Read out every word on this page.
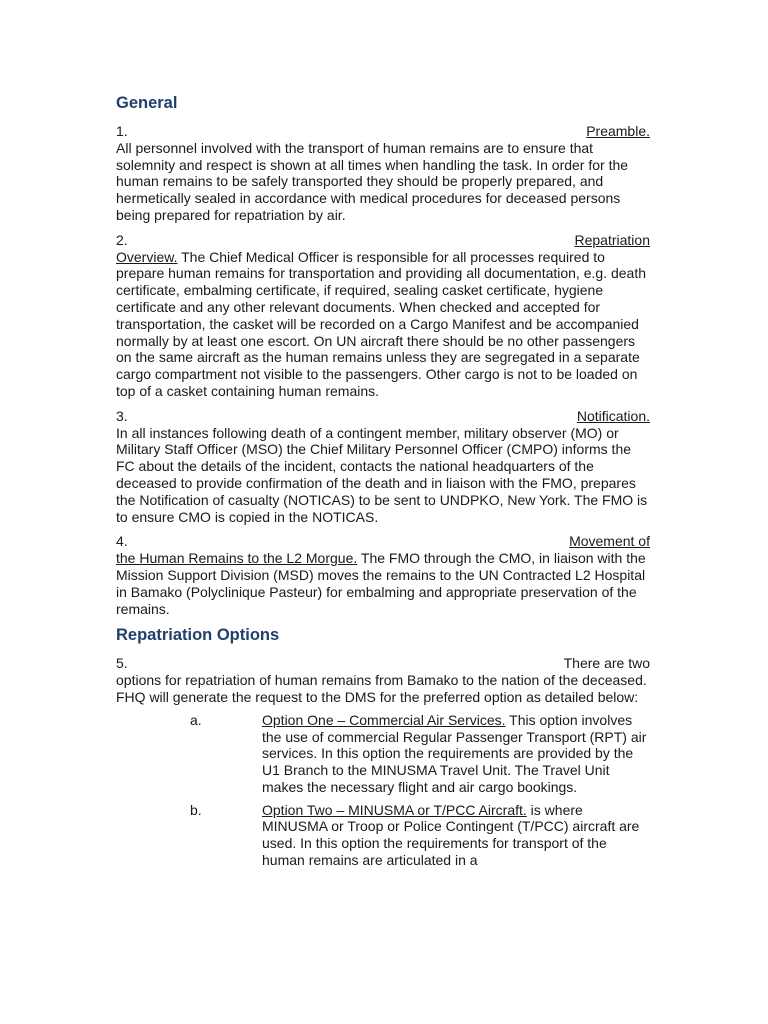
General
1.	Preamble.

All personnel involved with the transport of human remains are to ensure that solemnity and respect is shown at all times when handling the task. In order for the human remains to be safely transported they should be properly prepared, and hermetically sealed in accordance with medical procedures for deceased persons being prepared for repatriation by air.

2.	Repatriation

Overview. The Chief Medical Officer is responsible for all processes required to prepare human remains for transportation and providing all documentation, e.g. death certificate, embalming certificate, if required, sealing casket certificate, hygiene certificate and any other relevant documents. When checked and accepted for transportation, the casket will be recorded on a Cargo Manifest and be accompanied normally by at least one escort. On UN aircraft there should be no other passengers on the same aircraft as the human remains unless they are segregated in a separate cargo compartment not visible to the passengers. Other cargo is not to be loaded on top of a casket containing human remains.

3.	Notification.

In all instances following death of a contingent member, military observer (MO) or Military Staff Officer (MSO) the Chief Military Personnel Officer (CMPO) informs the FC about the details of the incident, contacts the national headquarters of the deceased to provide confirmation of the death and in liaison with the FMO, prepares the Notification of casualty (NOTICAS) to be sent to UNDPKO, New York. The FMO is to ensure CMO is copied in the NOTICAS.

4.	Movement of

the Human Remains to the L2 Morgue. The FMO through the CMO, in liaison with the Mission Support Division (MSD) moves the remains to the UN Contracted L2 Hospital in Bamako (Polyclinique Pasteur) for embalming and appropriate preservation of the remains.

Repatriation Options
5.	There are two

options for repatriation of human remains from Bamako to the nation of the deceased. FHQ will generate the request to the DMS for the preferred option as detailed below:

a.	Option One – Commercial Air Services. This option involves the use of commercial Regular Passenger Transport (RPT) air services. In this option the requirements are provided by the U1 Branch to the MINUSMA Travel Unit. The Travel Unit makes the necessary flight and air cargo bookings.
b.	Option Two – MINUSMA or T/PCC Aircraft. is where MINUSMA or Troop or Police Contingent (T/PCC) aircraft are used. In this option the requirements for transport of the human remains are articulated in a
